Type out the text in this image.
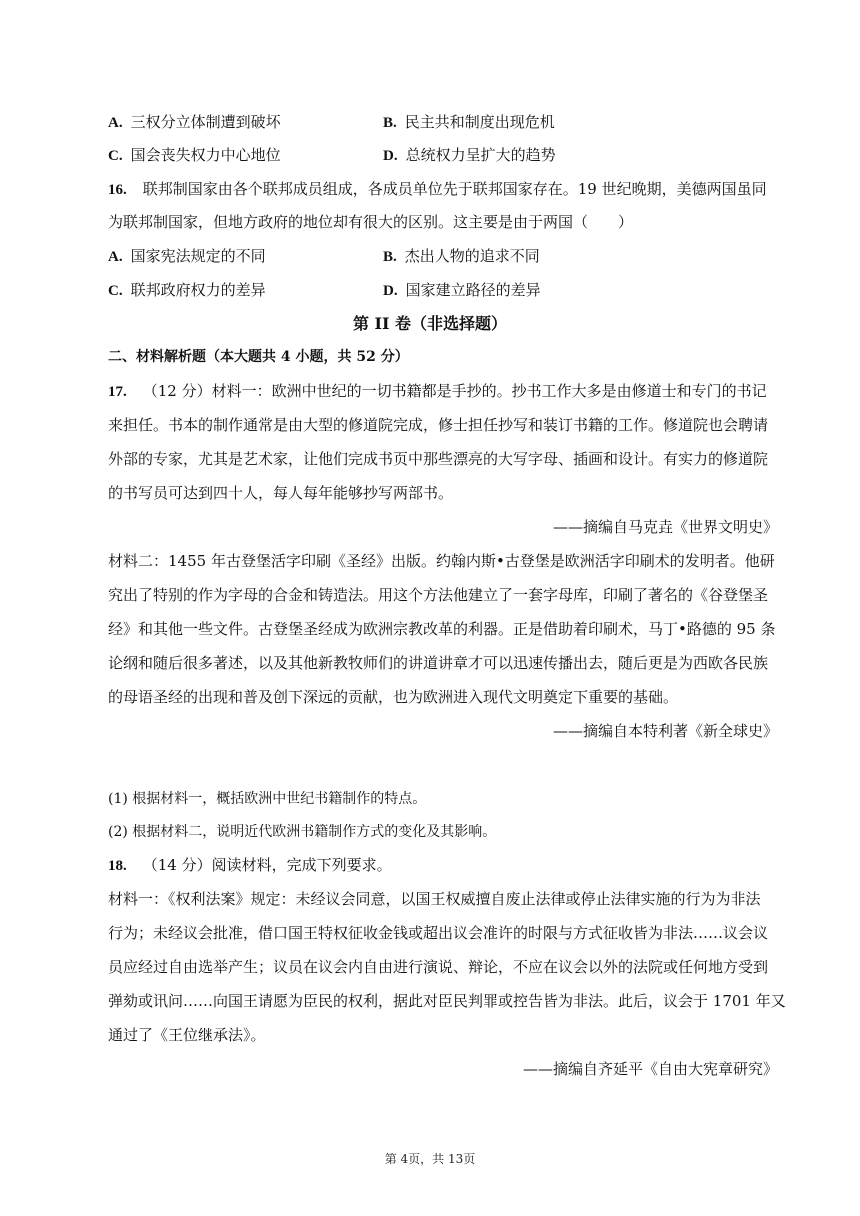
A. 三权分立体制遭到破坏	B. 民主共和制度出现危机
C. 国会丧失权力中心地位	D. 总统权力呈扩大的趋势
16. 联邦制国家由各个联邦成员组成，各成员单位先于联邦国家存在。19 世纪晚期，美德两国虽同
为联邦制国家，但地方政府的地位却有很大的区别。这主要是由于两国（　　）
A. 国家宪法规定的不同	B. 杰出人物的追求不同
C. 联邦政府权力的差异	D. 国家建立路径的差异
第 II 卷（非选择题）
二、材料解析题（本大题共 4 小题，共 52 分）
17. （12 分）材料一：欧洲中世纪的一切书籍都是手抄的。抄书工作大多是由修道士和专门的书记
来担任。书本的制作通常是由大型的修道院完成，修士担任抄写和装订书籍的工作。修道院也会聘请
外部的专家，尤其是艺术家，让他们完成书页中那些漂亮的大写字母、插画和设计。有实力的修道院
的书写员可达到四十人，每人每年能够抄写两部书。
——摘编自马克垚《世界文明史》
材料二：1455 年古登堡活字印刷《圣经》出版。约翰内斯•古登堡是欧洲活字印刷术的发明者。他研
究出了特别的作为字母的合金和铸造法。用这个方法他建立了一套字母库，印刷了著名的《谷登堡圣
经》和其他一些文件。古登堡圣经成为欧洲宗教改革的利器。正是借助着印刷术，马丁•路德的 95 条
论纲和随后很多著述，以及其他新教牧师们的讲道讲章才可以迅速传播出去，随后更是为西欧各民族
的母语圣经的出现和普及创下深远的贡献，也为欧洲进入现代文明奠定下重要的基础。
——摘编自本特利著《新全球史》
(1) 根据材料一，概括欧洲中世纪书籍制作的特点。
(2) 根据材料二，说明近代欧洲书籍制作方式的变化及其影响。
18. （14 分）阅读材料，完成下列要求。
材料一：《权利法案》规定：未经议会同意，以国王权威擅自废止法律或停止法律实施的行为为非法
行为；未经议会批准，借口国王特权征收金钱或超出议会准许的时限与方式征收皆为非法……议会议
员应经过自由选举产生；议员在议会内自由进行演说、辩论，不应在议会以外的法院或任何地方受到
弹劾或讯问……向国王请愿为臣民的权利，据此对臣民判罪或控告皆为非法。此后，议会于 1701 年又
通过了《王位继承法》。
——摘编自齐延平《自由大宪章研究》
第 4页，共 13页
